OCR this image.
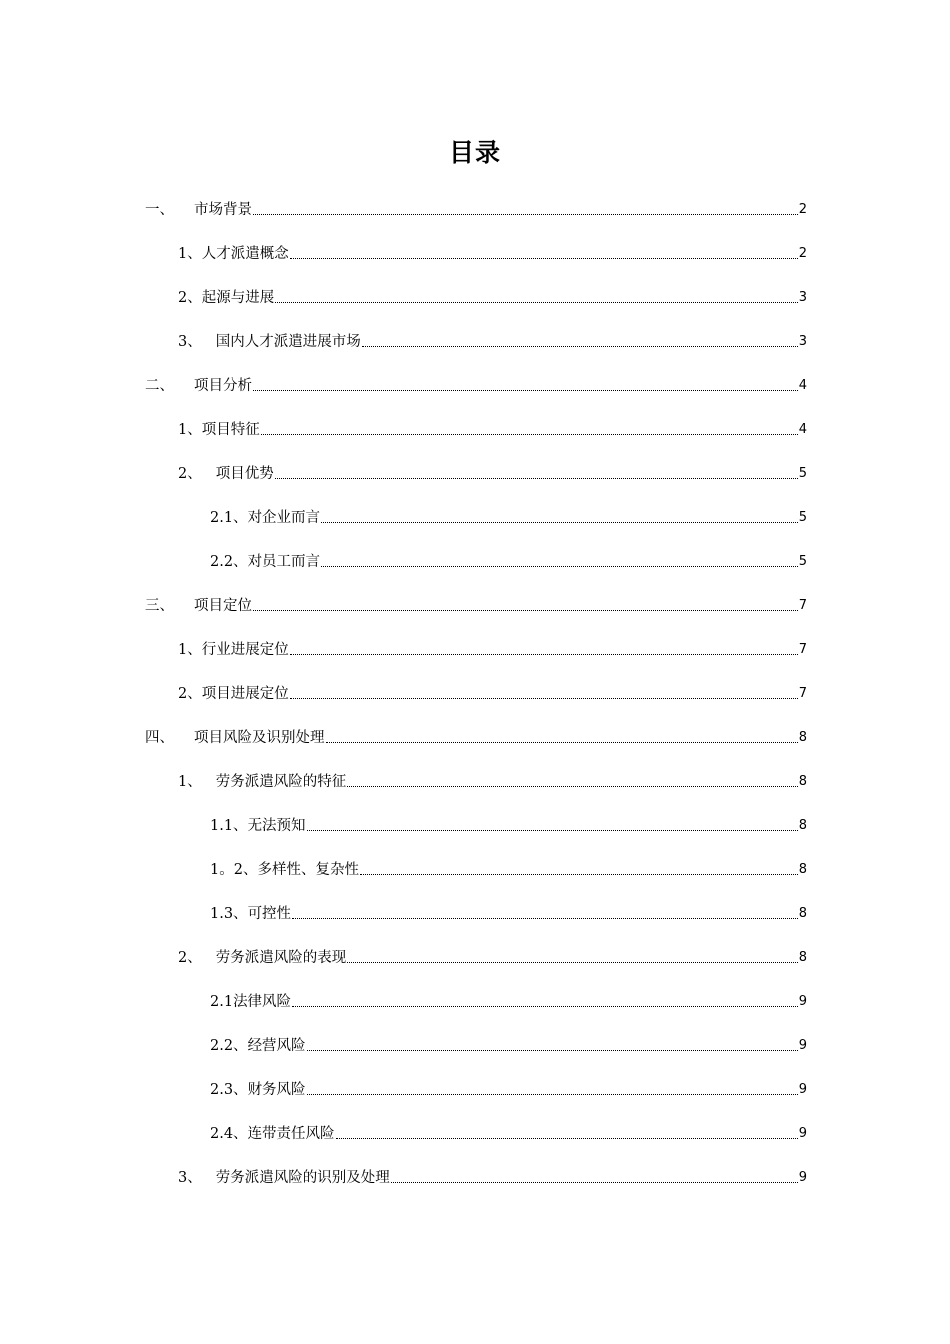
目录
一、 市场背景	2
1、 人才派遣概念	2
2、 起源与进展	3
3、 国内人才派遣进展市场	3
二、 项目分析	4
1、 项目特征	4
2、 项目优势	5
2.1、 对企业而言	5
2.2、 对员工而言	5
三、 项目定位	7
1、 行业进展定位	7
2、 项目进展定位	7
四、 项目风险及识别处理	8
1、 劳务派遣风险的特征	8
1.1、 无法预知	8
1。2、 多样性、复杂性	8
1.3、 可控性	8
2、 劳务派遣风险的表现	8
2.1 法律风险	9
2.2、 经营风险	9
2.3、 财务风险	9
2.4、 连带责任风险	9
3、 劳务派遣风险的识别及处理	9
